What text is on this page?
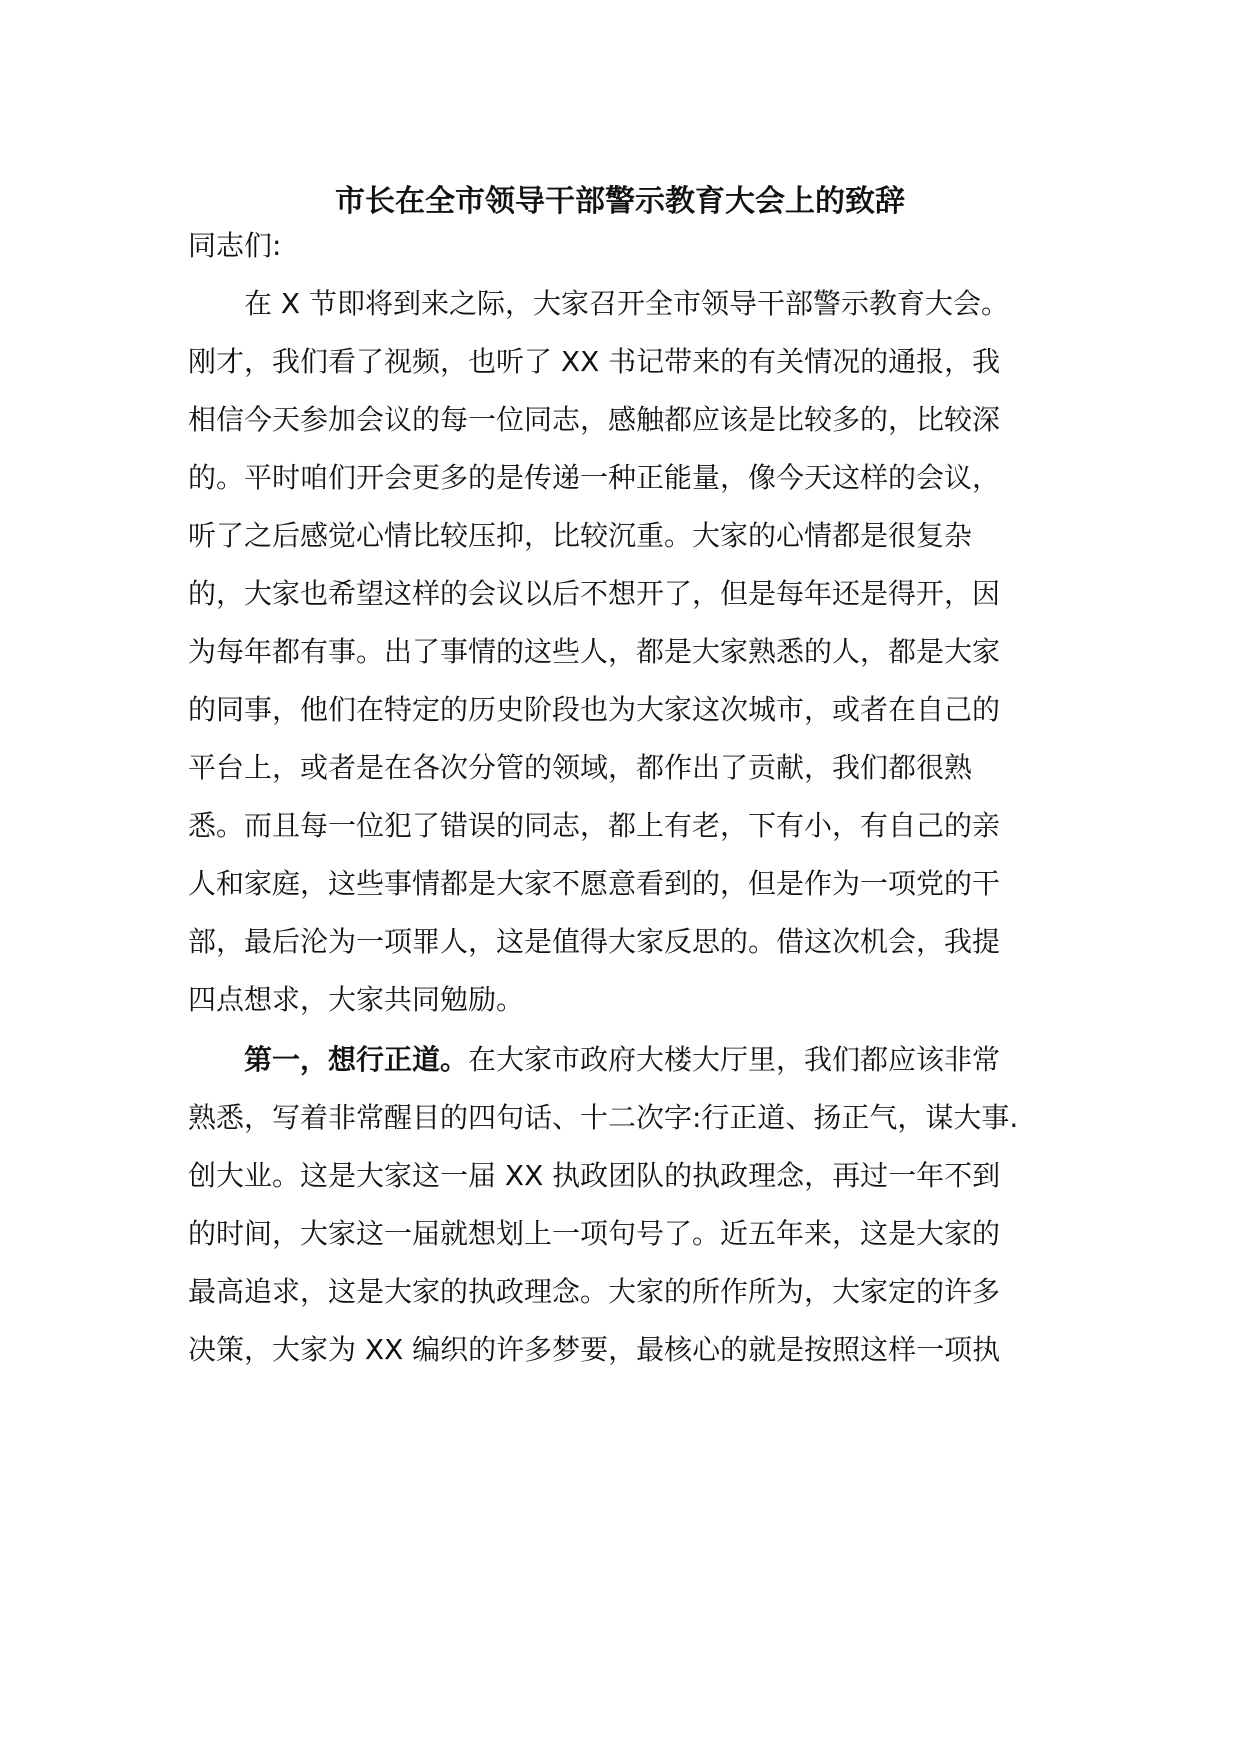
市长在全市领导干部警示教育大会上的致辞
同志们:
在 X 节即将到来之际，大家召开全市领导干部警示教育大会。
刚才，我们看了视频，也听了 XX 书记带来的有关情况的通报，我
相信今天参加会议的每一位同志，感触都应该是比较多的，比较深
的。平时咱们开会更多的是传递一种正能量，像今天这样的会议，
听了之后感觉心情比较压抑，比较沉重。大家的心情都是很复杂
的，大家也希望这样的会议以后不想开了，但是每年还是得开，因
为每年都有事。出了事情的这些人，都是大家熟悉的人，都是大家
的同事，他们在特定的历史阶段也为大家这次城市，或者在自己的
平台上，或者是在各次分管的领域，都作出了贡献，我们都很熟
悉。而且每一位犯了错误的同志，都上有老，下有小，有自己的亲
人和家庭，这些事情都是大家不愿意看到的，但是作为一项党的干
部，最后沦为一项罪人，这是值得大家反思的。借这次机会，我提
四点想求，大家共同勉励。
第一，想行正道。在大家市政府大楼大厅里，我们都应该非常
熟悉，写着非常醒目的四句话、十二次字:行正道、扬正气，谋大事.
创大业。这是大家这一届 XX 执政团队的执政理念，再过一年不到
的时间，大家这一届就想划上一项句号了。近五年来，这是大家的
最高追求，这是大家的执政理念。大家的所作所为，大家定的许多
决策，大家为 XX 编织的许多梦要，最核心的就是按照这样一项执
